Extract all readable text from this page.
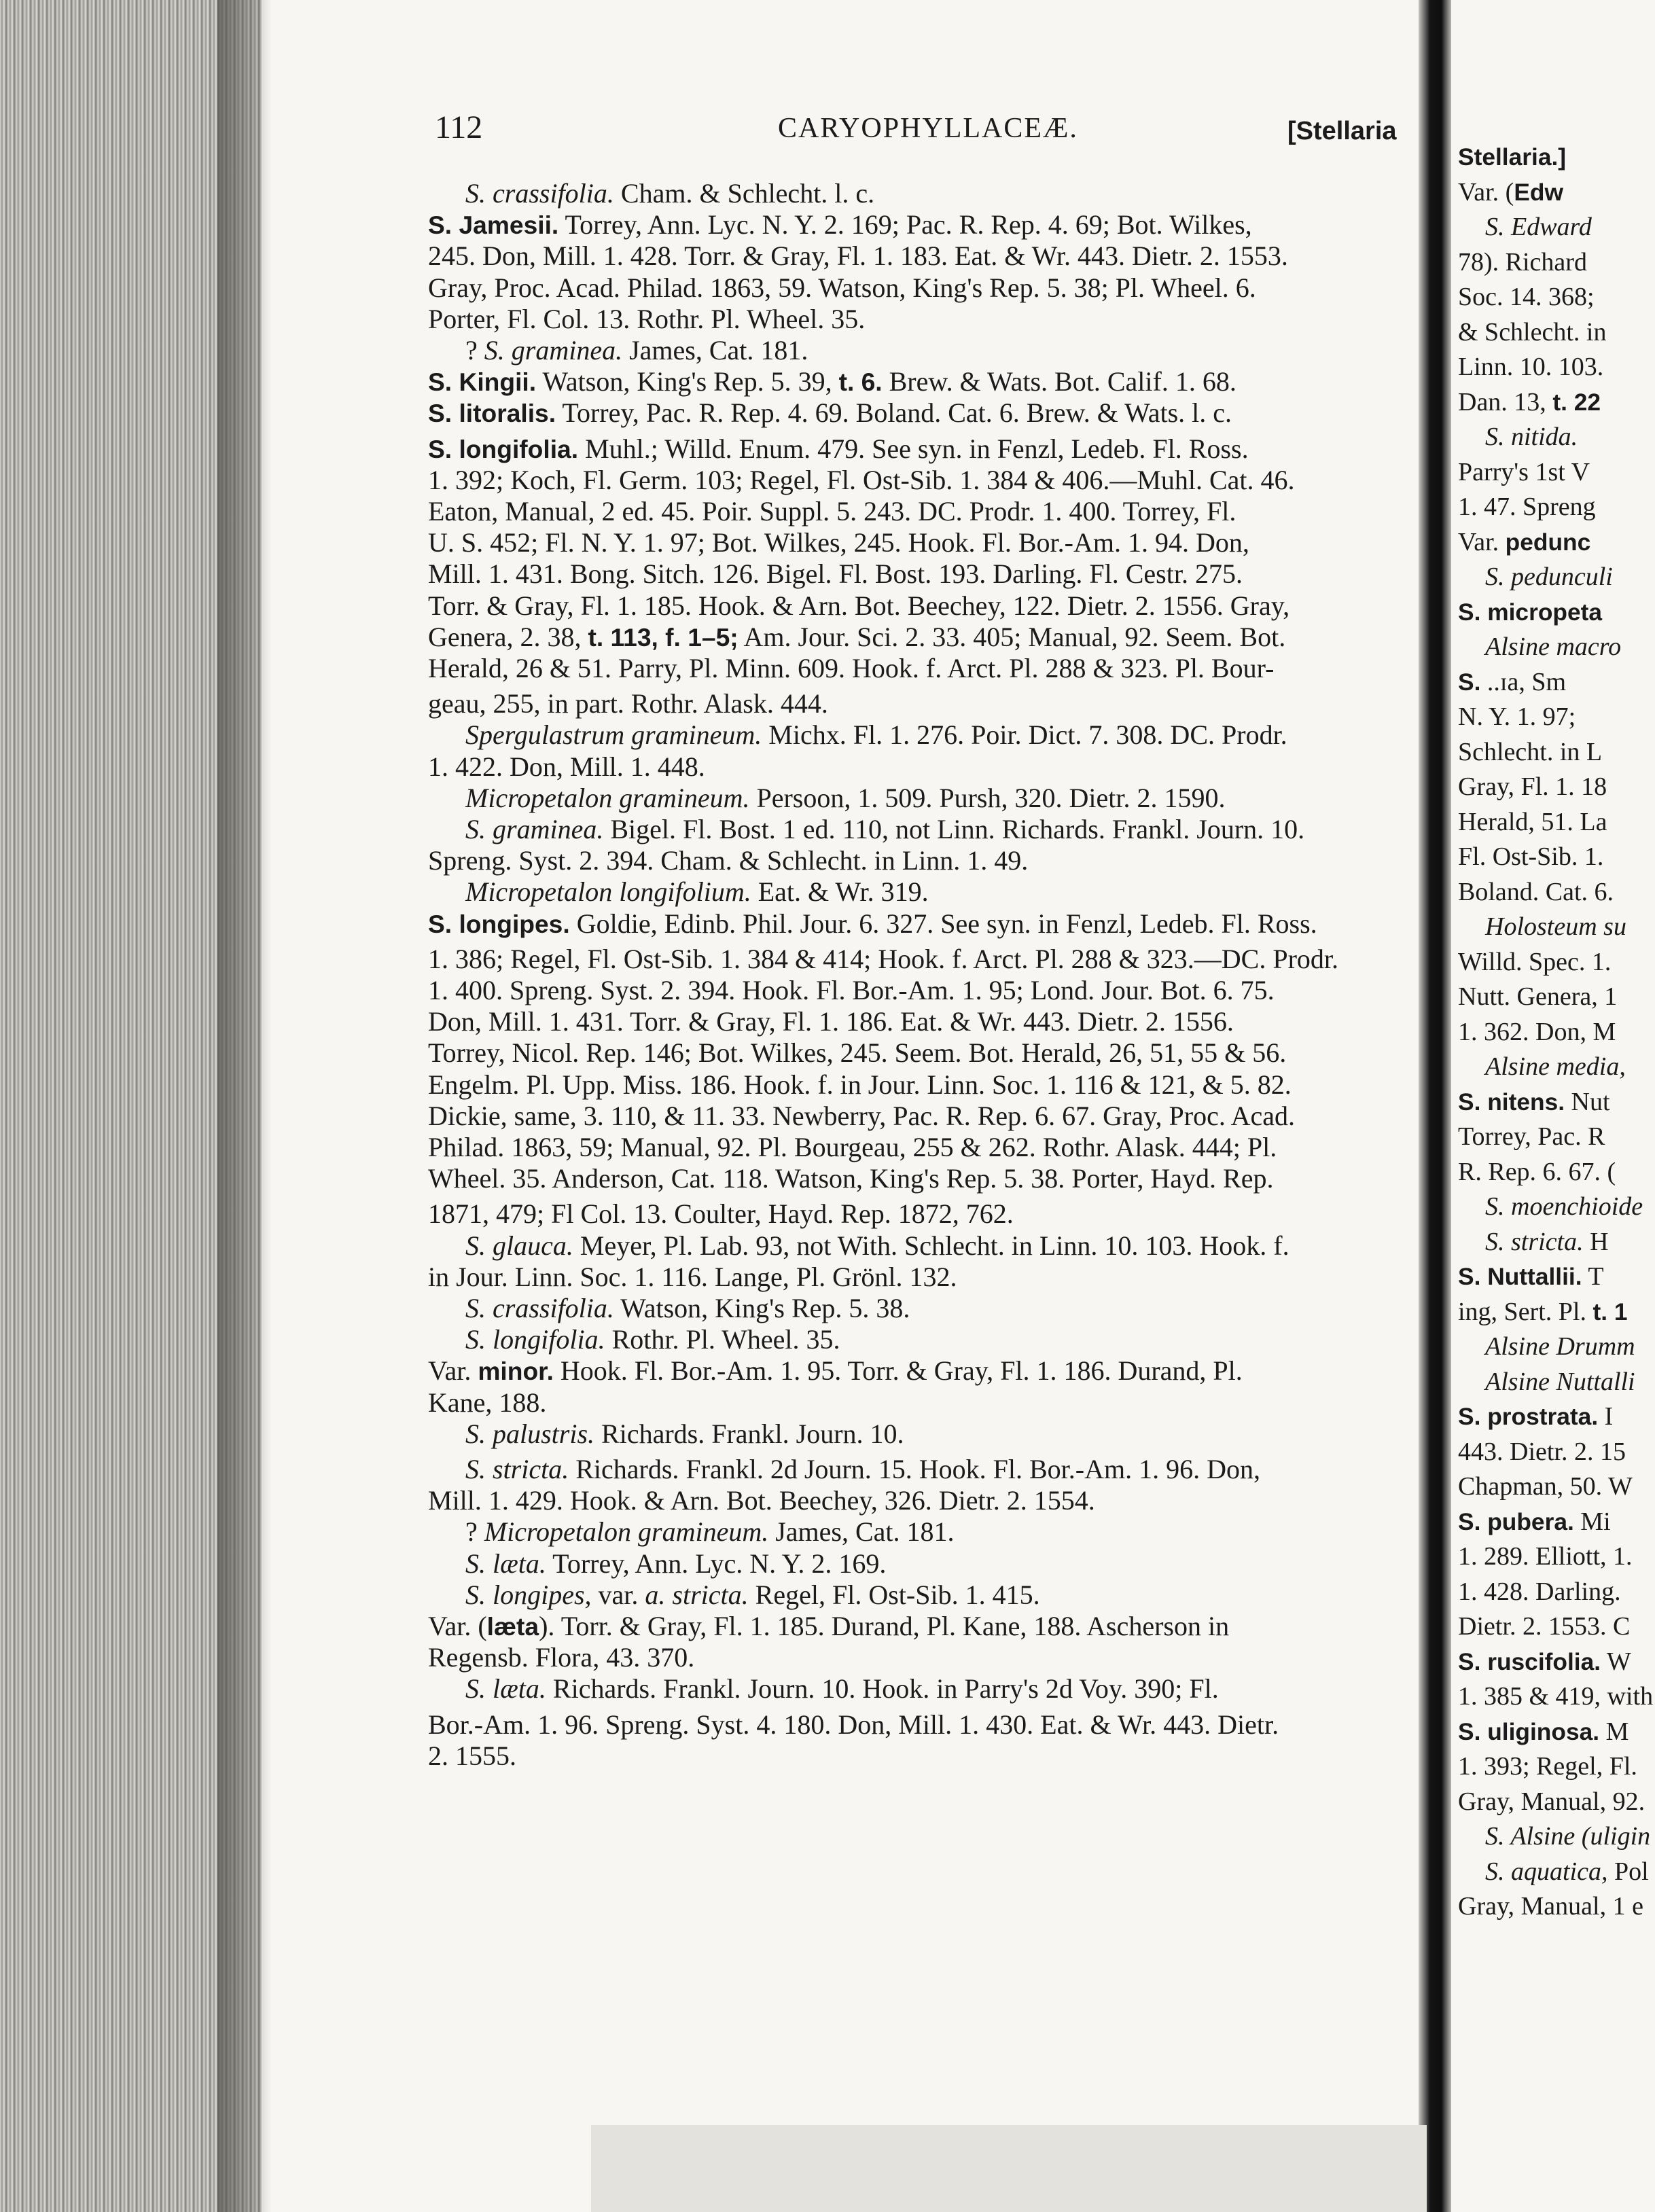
112	CARYOPHYLLACEÆ.	[Stellaria
S. crassifolia. Cham. & Schlecht. l. c.
S. Jamesii. Torrey, Ann. Lyc. N. Y. 2. 169; Pac. R. Rep. 4. 69; Bot. Wilkes,
245. Don, Mill. 1. 428. Torr. & Gray, Fl. 1. 183. Eat. & Wr. 443. Dietr. 2. 1553.
Gray, Proc. Acad. Philad. 1863, 59. Watson, King's Rep. 5. 38; Pl. Wheel. 6.
Porter, Fl. Col. 13. Rothr. Pl. Wheel. 35.
? S. graminea. James, Cat. 181.
S. Kingii. Watson, King's Rep. 5. 39, t. 6. Brew. & Wats. Bot. Calif. 1. 68.
S. litoralis. Torrey, Pac. R. Rep. 4. 69. Boland. Cat. 6. Brew. & Wats. l. c.
S. longifolia. Muhl.; Willd. Enum. 479. See syn. in Fenzl, Ledeb. Fl. Ross.
1. 392; Koch, Fl. Germ. 103; Regel, Fl. Ost-Sib. 1. 384 & 406.—Muhl. Cat. 46.
Eaton, Manual, 2 ed. 45. Poir. Suppl. 5. 243. DC. Prodr. 1. 400. Torrey, Fl.
U. S. 452; Fl. N. Y. 1. 97; Bot. Wilkes, 245. Hook. Fl. Bor.-Am. 1. 94. Don,
Mill. 1. 431. Bong. Sitch. 126. Bigel. Fl. Bost. 193. Darling. Fl. Cestr. 275.
Torr. & Gray, Fl. 1. 185. Hook. & Arn. Bot. Beechey, 122. Dietr. 2. 1556. Gray,
Genera, 2. 38, t. 113, f. 1–5; Am. Jour. Sci. 2. 33. 405; Manual, 92. Seem. Bot.
Herald, 26 & 51. Parry, Pl. Minn. 609. Hook. f. Arct. Pl. 288 & 323. Pl. Bour-
geau, 255, in part. Rothr. Alask. 444.
Spergulastrum gramineum. Michx. Fl. 1. 276. Poir. Dict. 7. 308. DC. Prodr.
1. 422. Don, Mill. 1. 448.
Micropetalon gramineum. Persoon, 1. 509. Pursh, 320. Dietr. 2. 1590.
S. graminea. Bigel. Fl. Bost. 1 ed. 110, not Linn. Richards. Frankl. Journ. 10.
Spreng. Syst. 2. 394. Cham. & Schlecht. in Linn. 1. 49.
Micropetalon longifolium. Eat. & Wr. 319.
S. longipes. Goldie, Edinb. Phil. Jour. 6. 327. See syn. in Fenzl, Ledeb. Fl. Ross.
1. 386; Regel, Fl. Ost-Sib. 1. 384 & 414; Hook. f. Arct. Pl. 288 & 323.—DC. Prodr.
1. 400. Spreng. Syst. 2. 394. Hook. Fl. Bor.-Am. 1. 95; Lond. Jour. Bot. 6. 75.
Don, Mill. 1. 431. Torr. & Gray, Fl. 1. 186. Eat. & Wr. 443. Dietr. 2. 1556.
Torrey, Nicol. Rep. 146; Bot. Wilkes, 245. Seem. Bot. Herald, 26, 51, 55 & 56.
Engelm. Pl. Upp. Miss. 186. Hook. f. in Jour. Linn. Soc. 1. 116 & 121, & 5. 82.
Dickie, same, 3. 110, & 11. 33. Newberry, Pac. R. Rep. 6. 67. Gray, Proc. Acad.
Philad. 1863, 59; Manual, 92. Pl. Bourgeau, 255 & 262. Rothr. Alask. 444; Pl.
Wheel. 35. Anderson, Cat. 118. Watson, King's Rep. 5. 38. Porter, Hayd. Rep.
1871, 479; Fl Col. 13. Coulter, Hayd. Rep. 1872, 762.
S. glauca. Meyer, Pl. Lab. 93, not With. Schlecht. in Linn. 10. 103. Hook. f.
in Jour. Linn. Soc. 1. 116. Lange, Pl. Grönl. 132.
S. crassifolia. Watson, King's Rep. 5. 38.
S. longifolia. Rothr. Pl. Wheel. 35.
Var. minor. Hook. Fl. Bor.-Am. 1. 95. Torr. & Gray, Fl. 1. 186. Durand, Pl.
Kane, 188.
S. palustris. Richards. Frankl. Journ. 10.
S. stricta. Richards. Frankl. 2d Journ. 15. Hook. Fl. Bor.-Am. 1. 96. Don,
Mill. 1. 429. Hook. & Arn. Bot. Beechey, 326. Dietr. 2. 1554.
? Micropetalon gramineum. James, Cat. 181.
S. læta. Torrey, Ann. Lyc. N. Y. 2. 169.
S. longipes, var. a. stricta. Regel, Fl. Ost-Sib. 1. 415.
Var. (læta). Torr. & Gray, Fl. 1. 185. Durand, Pl. Kane, 188. Ascherson in
Regensb. Flora, 43. 370.
S. læta. Richards. Frankl. Journ. 10. Hook. in Parry's 2d Voy. 390; Fl.
Bor.-Am. 1. 96. Spreng. Syst. 4. 180. Don, Mill. 1. 430. Eat. & Wr. 443. Dietr.
2. 1555.
Stellaria.]
Var. (Edw
S. Edward
78). Richard
Soc. 14. 368;
& Schlecht. in
Linn. 10. 103.
Dan. 13, t. 22
S. nitida.
Parry's 1st V
1. 47. Spreng
Var. pedunc
S. pedunculi
S. micropeta
Alsine macro
S. ..ɪa, Sm
N. Y. 1. 97;
Schlecht. in L
Gray, Fl. 1. 18
Herald, 51. La
Fl. Ost-Sib. 1.
Boland. Cat. 6.
Holosteum su
Willd. Spec. 1.
Nutt. Genera, 1
1. 362. Don, M
Alsine media,
S. nitens. Nut
Torrey, Pac. R
R. Rep. 6. 67. (
S. moenchioide
S. stricta. H
S. Nuttallii. T
ing, Sert. Pl. t. 1
Alsine Drumm
Alsine Nuttalli
S. prostrata. I
443. Dietr. 2. 15
Chapman, 50. W
S. pubera. Mi
1. 289. Elliott, 1.
1. 428. Darling.
Dietr. 2. 1553. C
S. ruscifolia. W
1. 385 & 419, with
S. uliginosa. M
1. 393; Regel, Fl.
Gray, Manual, 92.
S. Alsine (uligin
S. aquatica, Pol
Gray, Manual, 1 e
